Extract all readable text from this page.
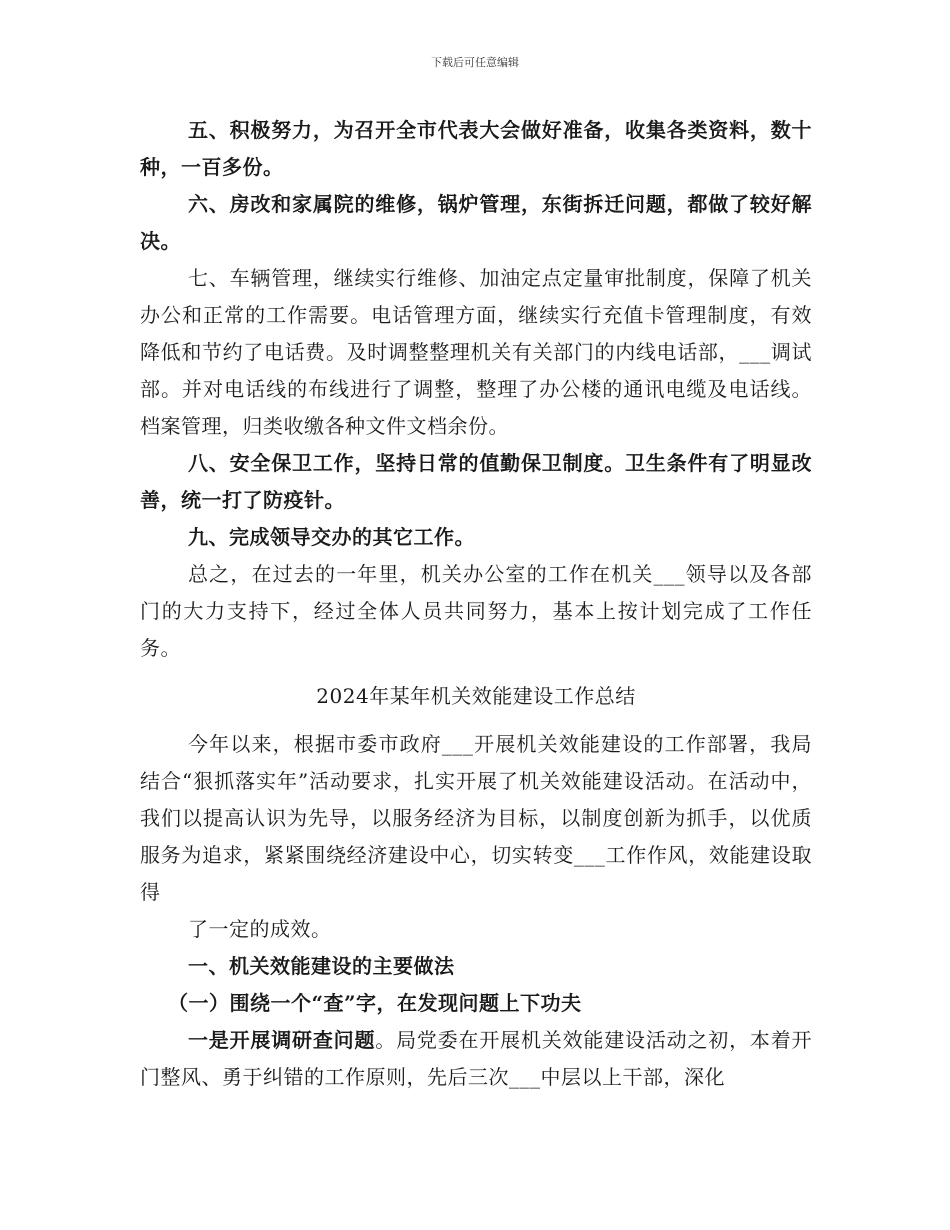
下载后可任意编辑

五、积极努力，为召开全市代表大会做好准备，收集各类资料，数十种，一百多份。

六、房改和家属院的维修，锅炉管理，东街拆迁问题，都做了较好解决。

七、车辆管理，继续实行维修、加油定点定量审批制度，保障了机关办公和正常的工作需要。电话管理方面，继续实行充值卡管理制度，有效降低和节约了电话费。及时调整整理机关有关部门的内线电话部，___调试部。并对电话线的布线进行了调整，整理了办公楼的通讯电缆及电话线。档案管理，归类收缴各种文件文档余份。

八、安全保卫工作，坚持日常的值勤保卫制度。卫生条件有了明显改善，统一打了防疫针。

九、完成领导交办的其它工作。

总之，在过去的一年里，机关办公室的工作在机关___领导以及各部门的大力支持下，经过全体人员共同努力，基本上按计划完成了工作任务。

2024年某年机关效能建设工作总结

今年以来，根据市委市政府___开展机关效能建设的工作部署，我局结合“狠抓落实年”活动要求，扎实开展了机关效能建设活动。在活动中，我们以提高认识为先导，以服务经济为目标，以制度创新为抓手，以优质服务为追求，紧紧围绕经济建设中心，切实转变___工作作风，效能建设取得

了一定的成效。

一、机关效能建设的主要做法

（一）围绕一个“查”字，在发现问题上下功夫

一是开展调研查问题。局党委在开展机关效能建设活动之初，本着开门整风、勇于纠错的工作原则，先后三次___中层以上干部，深化
